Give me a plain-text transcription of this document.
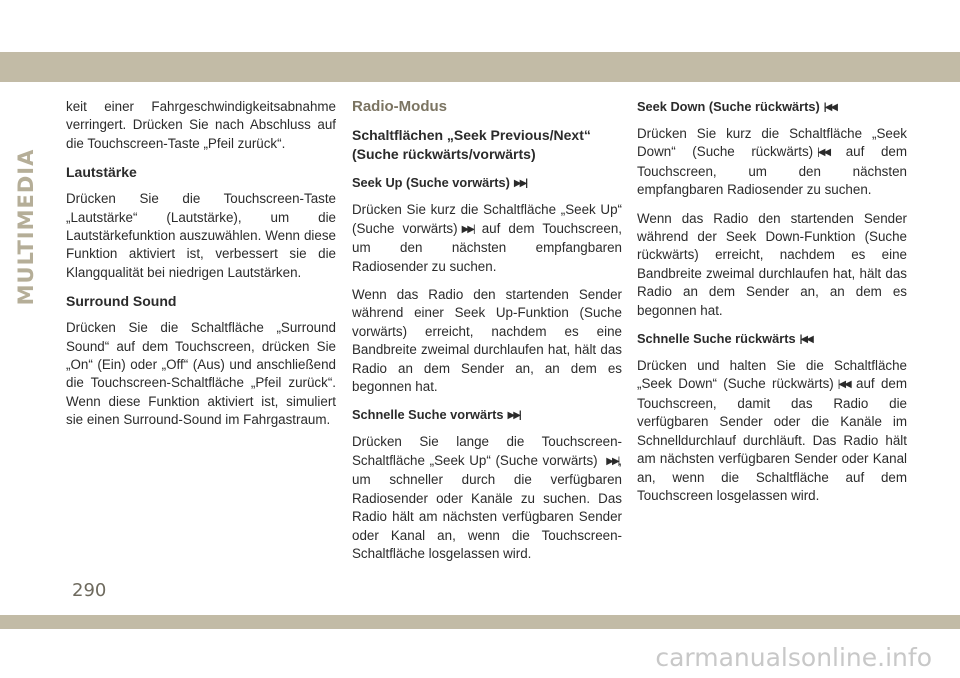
MULTIMEDIA

keit einer Fahrgeschwindigkeitsabnahme verringert. Drücken Sie nach Abschluss auf die Touchscreen-Taste „Pfeil zurück“.

Lautstärke

Drücken Sie die Touchscreen-Taste „Lautstärke“ (Lautstärke), um die Lautstärkefunktion auszuwählen. Wenn diese Funktion aktiviert ist, verbessert sie die Klangqualität bei niedrigen Lautstärken.

Surround Sound

Drücken Sie die Schaltfläche „Surround Sound“ auf dem Touchscreen, drücken Sie „On“ (Ein) oder „Off“ (Aus) und anschließend die Touchscreen-Schaltfläche „Pfeil zurück“. Wenn diese Funktion aktiviert ist, simuliert sie einen Surround-Sound im Fahrgastraum.

Radio-Modus
Schaltflächen „Seek Previous/Next“ (Suche rückwärts/vorwärts)
Seek Up (Suche vorwärts) ▶▶|

Drücken Sie kurz die Schaltfläche „Seek Up“ (Suche vorwärts) ▶▶| auf dem Touchscreen, um den nächsten empfangbaren Radiosender zu suchen.

Wenn das Radio den startenden Sender während einer Seek Up-Funktion (Suche vorwärts) erreicht, nachdem es eine Bandbreite zweimal durchlaufen hat, hält das Radio an dem Sender an, an dem es begonnen hat.

Schnelle Suche vorwärts ▶▶|

Drücken Sie lange die Touchscreen-Schaltfläche „Seek Up“ (Suche vorwärts) ▶▶|, um schneller durch die verfügbaren Radiosender oder Kanäle zu suchen. Das Radio hält am nächsten verfügbaren Sender oder Kanal an, wenn die Touchscreen-Schaltfläche losgelassen wird.

Seek Down (Suche rückwärts) |◀◀

Drücken Sie kurz die Schaltfläche „Seek Down“ (Suche rückwärts) |◀◀ auf dem Touchscreen, um den nächsten empfangbaren Radiosender zu suchen.

Wenn das Radio den startenden Sender während der Seek Down-Funktion (Suche rückwärts) erreicht, nachdem es eine Bandbreite zweimal durchlaufen hat, hält das Radio an dem Sender an, an dem es begonnen hat.

Schnelle Suche rückwärts |◀◀

Drücken und halten Sie die Schaltfläche „Seek Down“ (Suche rückwärts) |◀◀ auf dem Touchscreen, damit das Radio die verfügbaren Sender oder die Kanäle im Schnelldurchlauf durchläuft. Das Radio hält am nächsten verfügbaren Sender oder Kanal an, wenn die Schaltfläche auf dem Touchscreen losgelassen wird.

290
carmanualsonline.info
